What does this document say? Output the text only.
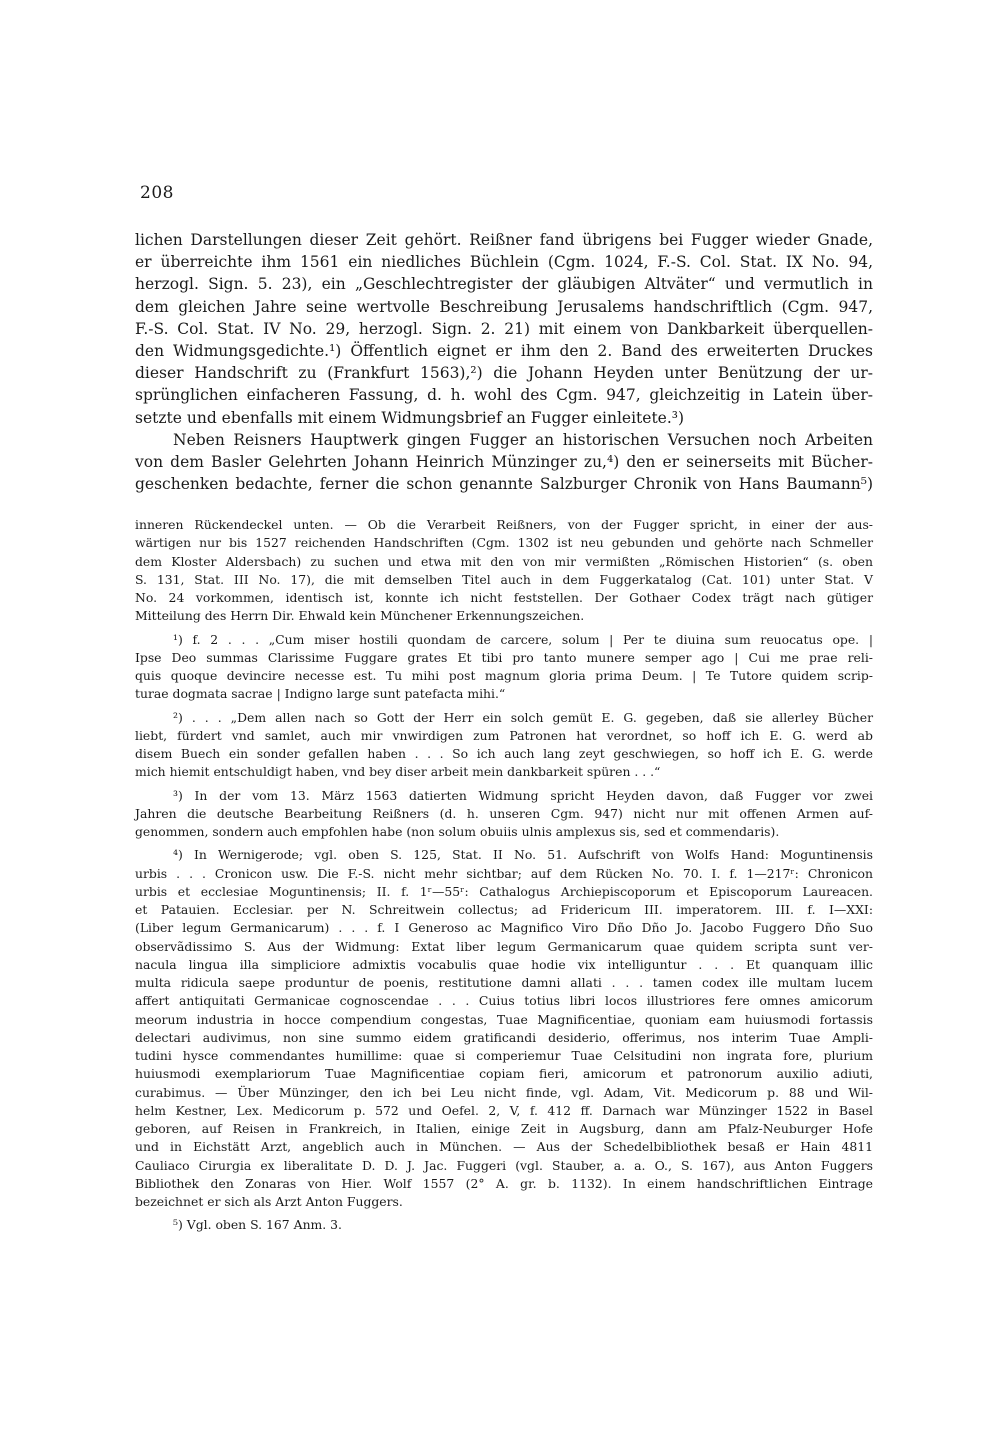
208
lichen Darstellungen dieser Zeit gehört. Reißner fand übrigens bei Fugger wieder Gnade,
er überreichte ihm 1561 ein niedliches Büchlein (Cgm. 1024, F.-S. Col. Stat. IX No. 94,
herzogl. Sign. 5. 23), ein „Geschlechtregister der gläubigen Altväter“ und vermutlich in
dem gleichen Jahre seine wertvolle Beschreibung Jerusalems handschriftlich (Cgm. 947,
F.-S. Col. Stat. IV No. 29, herzogl. Sign. 2. 21) mit einem von Dankbarkeit überquellen-
den Widmungsgedichte.¹) Öffentlich eignet er ihm den 2. Band des erweiterten Druckes
dieser Handschrift zu (Frankfurt 1563),²) die Johann Heyden unter Benützung der ur-
sprünglichen einfacheren Fassung, d. h. wohl des Cgm. 947, gleichzeitig in Latein über-
setzte und ebenfalls mit einem Widmungsbrief an Fugger einleitete.³)
Neben Reisners Hauptwerk gingen Fugger an historischen Versuchen noch Arbeiten
von dem Basler Gelehrten Johann Heinrich Münzinger zu,⁴) den er seinerseits mit Bücher-
geschenken bedachte, ferner die schon genannte Salzburger Chronik von Hans Baumann⁵)
inneren Rückendeckel unten. — Ob die Verarbeit Reißners, von der Fugger spricht, in einer der aus-
wärtigen nur bis 1527 reichenden Handschriften (Cgm. 1302 ist neu gebunden und gehörte nach Schmeller
dem Kloster Aldersbach) zu suchen und etwa mit den von mir vermißten „Römischen Historien“ (s. oben
S. 131, Stat. III No. 17), die mit demselben Titel auch in dem Fuggerkatalog (Cat. 101) unter Stat. V
No. 24 vorkommen, identisch ist, konnte ich nicht feststellen. Der Gothaer Codex trägt nach gütiger
Mitteilung des Herrn Dir. Ehwald kein Münchener Erkennungszeichen.
¹) f. 2 . . . „Cum miser hostili quondam de carcere, solum | Per te diuina sum reuocatus ope. |
Ipse Deo summas Clarissime Fuggare grates Et tibi pro tanto munere semper ago | Cui me prae reli-
quis quoque devincire necesse est. Tu mihi post magnum gloria prima Deum. | Te Tutore quidem scrip-
turae dogmata sacrae | Indigno large sunt patefacta mihi.“
²) . . . „Dem allen nach so Gott der Herr ein solch gemüt E. G. gegeben, daß sie allerley Bücher
liebt, fürdert vnd samlet, auch mir vnwirdigen zum Patronen hat verordnet, so hoff ich E. G. werd ab
disem Buech ein sonder gefallen haben . . . So ich auch lang zeyt geschwiegen, so hoff ich E. G. werde
mich hiemit entschuldigt haben, vnd bey diser arbeit mein dankbarkeit spüren . . .“
³) In der vom 13. März 1563 datierten Widmung spricht Heyden davon, daß Fugger vor zwei
Jahren die deutsche Bearbeitung Reißners (d. h. unseren Cgm. 947) nicht nur mit offenen Armen auf-
genommen, sondern auch empfohlen habe (non solum obuiis ulnis amplexus sis, sed et commendaris).
⁴) In Wernigerode; vgl. oben S. 125, Stat. II No. 51. Aufschrift von Wolfs Hand: Moguntinensis
urbis . . . Cronicon usw. Die F.-S. nicht mehr sichtbar; auf dem Rücken No. 70. I. f. 1—217ʳ: Chronicon
urbis et ecclesiae Moguntinensis; II. f. 1ʳ—55ʳ: Cathalogus Archiepiscoporum et Episcoporum Laureacen.
et Patauien. Ecclesiar. per N. Schreitwein collectus; ad Fridericum III. imperatorem. III. f. I—XXI:
(Liber legum Germanicarum) . . . f. I Generoso ac Magnifico Viro Dño Dño Jo. Jacobo Fuggero Dño Suo
observãdissimo S. Aus der Widmung: Extat liber legum Germanicarum quae quidem scripta sunt ver-
nacula lingua illa simpliciore admixtis vocabulis quae hodie vix intelliguntur . . . Et quanquam illic
multa ridicula saepe produntur de poenis, restitutione damni allati . . . tamen codex ille multam lucem
affert antiquitati Germanicae cognoscendae . . . Cuius totius libri locos illustriores fere omnes amicorum
meorum industria in hocce compendium congestas, Tuae Magnificentiae, quoniam eam huiusmodi fortassis
delectari audivimus, non sine summo eidem gratificandi desiderio, offerimus, nos interim Tuae Ampli-
tudini hysce commendantes humillime: quae si comperiemur Tuae Celsitudini non ingrata fore, plurium
huiusmodi exemplariorum Tuae Magnificentiae copiam fieri, amicorum et patronorum auxilio adiuti,
curabimus. — Über Münzinger, den ich bei Leu nicht finde, vgl. Adam, Vit. Medicorum p. 88 und Wil-
helm Kestner, Lex. Medicorum p. 572 und Oefel. 2, V, f. 412 ff. Darnach war Münzinger 1522 in Basel
geboren, auf Reisen in Frankreich, in Italien, einige Zeit in Augsburg, dann am Pfalz-Neuburger Hofe
und in Eichstätt Arzt, angeblich auch in München. — Aus der Schedelbibliothek besaß er Hain 4811
Cauliaco Cirurgia ex liberalitate D. D. J. Jac. Fuggeri (vgl. Stauber, a. a. O., S. 167), aus Anton Fuggers
Bibliothek den Zonaras von Hier. Wolf 1557 (2° A. gr. b. 1132). In einem handschriftlichen Eintrage
bezeichnet er sich als Arzt Anton Fuggers.
⁵) Vgl. oben S. 167 Anm. 3.
